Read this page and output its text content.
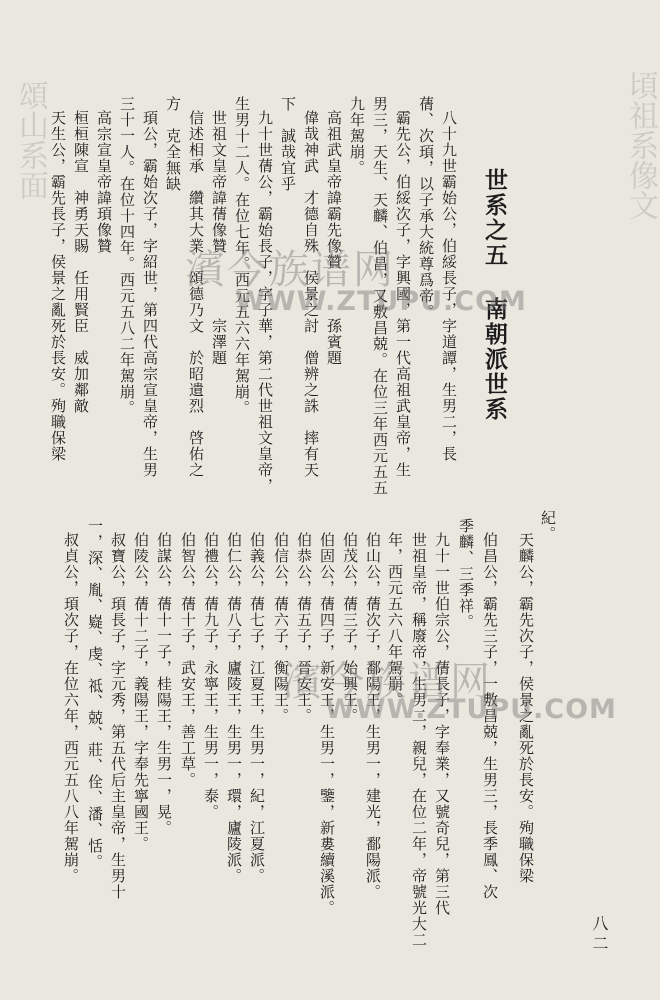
頃祖系像文
頌山系面
紀。
天麟公，霸先次子，侯景之亂死於長安。殉職保梁
伯昌公，霸先三子，一敷昌兢，生男三，長季鳳、次
季麟、三季祥。
九十一世伯宗公，蒨長子，字奉業，又號奇兒，第三代
世祖皇帝，稱廢帝，生男二，親兒，在位二年，帝號光大二
年，西元五六八年駕崩。
伯山公，蒨次子，鄱陽王，生男一，建光，鄱陽派。
伯茂公，蒨三子，始興王。
伯固公，蒨四子，新安王，生男一，鑒，新婁續溪派。
伯恭公，蒨五子，晉安王。
伯信公，蒨六子，衡陽王。
伯義公，蒨七子，江夏王，生男一，紀，江夏派。
伯仁公，蒨八子，廬陵王，生男一，環，廬陵派。
伯禮公，蒨九子，永寧王，生男一，泰。
伯智公，蒨十子，武安王，善工草。
伯謀公，蒨十一子，桂陽王，生男一，晃。
伯陵公，蒨十二子，義陽王，字奉先寧國王。
叔寶公，頊長子，字元秀，第五代后主皇帝，生男十
一，深、胤、嶷、虔、祗、兢、莊、佺、潘、恬。
叔貞公，頊次子，在位六年，西元五八八年駕崩。
世系之五 南朝派世系
八十九世霸始公，伯綏長子，字道譚，生男二，長
蒨、次頊，以子承大統尊爲帝。
霸先公，伯綏次子，字興國，第一代高祖武皇帝，生
男三，天生、天麟、伯昌，又敷昌兢。在位三年西元五五
九年駕崩。
高祖武皇帝諱霸先像贊　　　孫賓題
偉哉神武　才德自殊　侯景之討　僧辨之誅　摔有天
下　誠哉宜乎
九十世蒨公，霸始長子，字子華，第二代世祖文皇帝，
生男十二人。在位七年。西元五六六年駕崩。
世祖文皇帝諱蒨像贊　　　　宗澤題
信述相承　纘其大業　頌德乃文　於昭遺烈　啓佑之
方　克全無缺
頊公，霸始次子，字紹世，第四代高宗宣皇帝，生男
三十一人。在位十四年。西元五八二年駕崩。
高宗宣皇帝諱頊像贊
桓桓陳宣　神勇天賜　任用賢臣　威加鄰敵
天生公，霸先長子，侯景之亂死於長安。殉職保梁
八二
濱今族谱网
WWW.ZTUPU.COM
濱今族谱网
WWW.ZTUPU.COM
